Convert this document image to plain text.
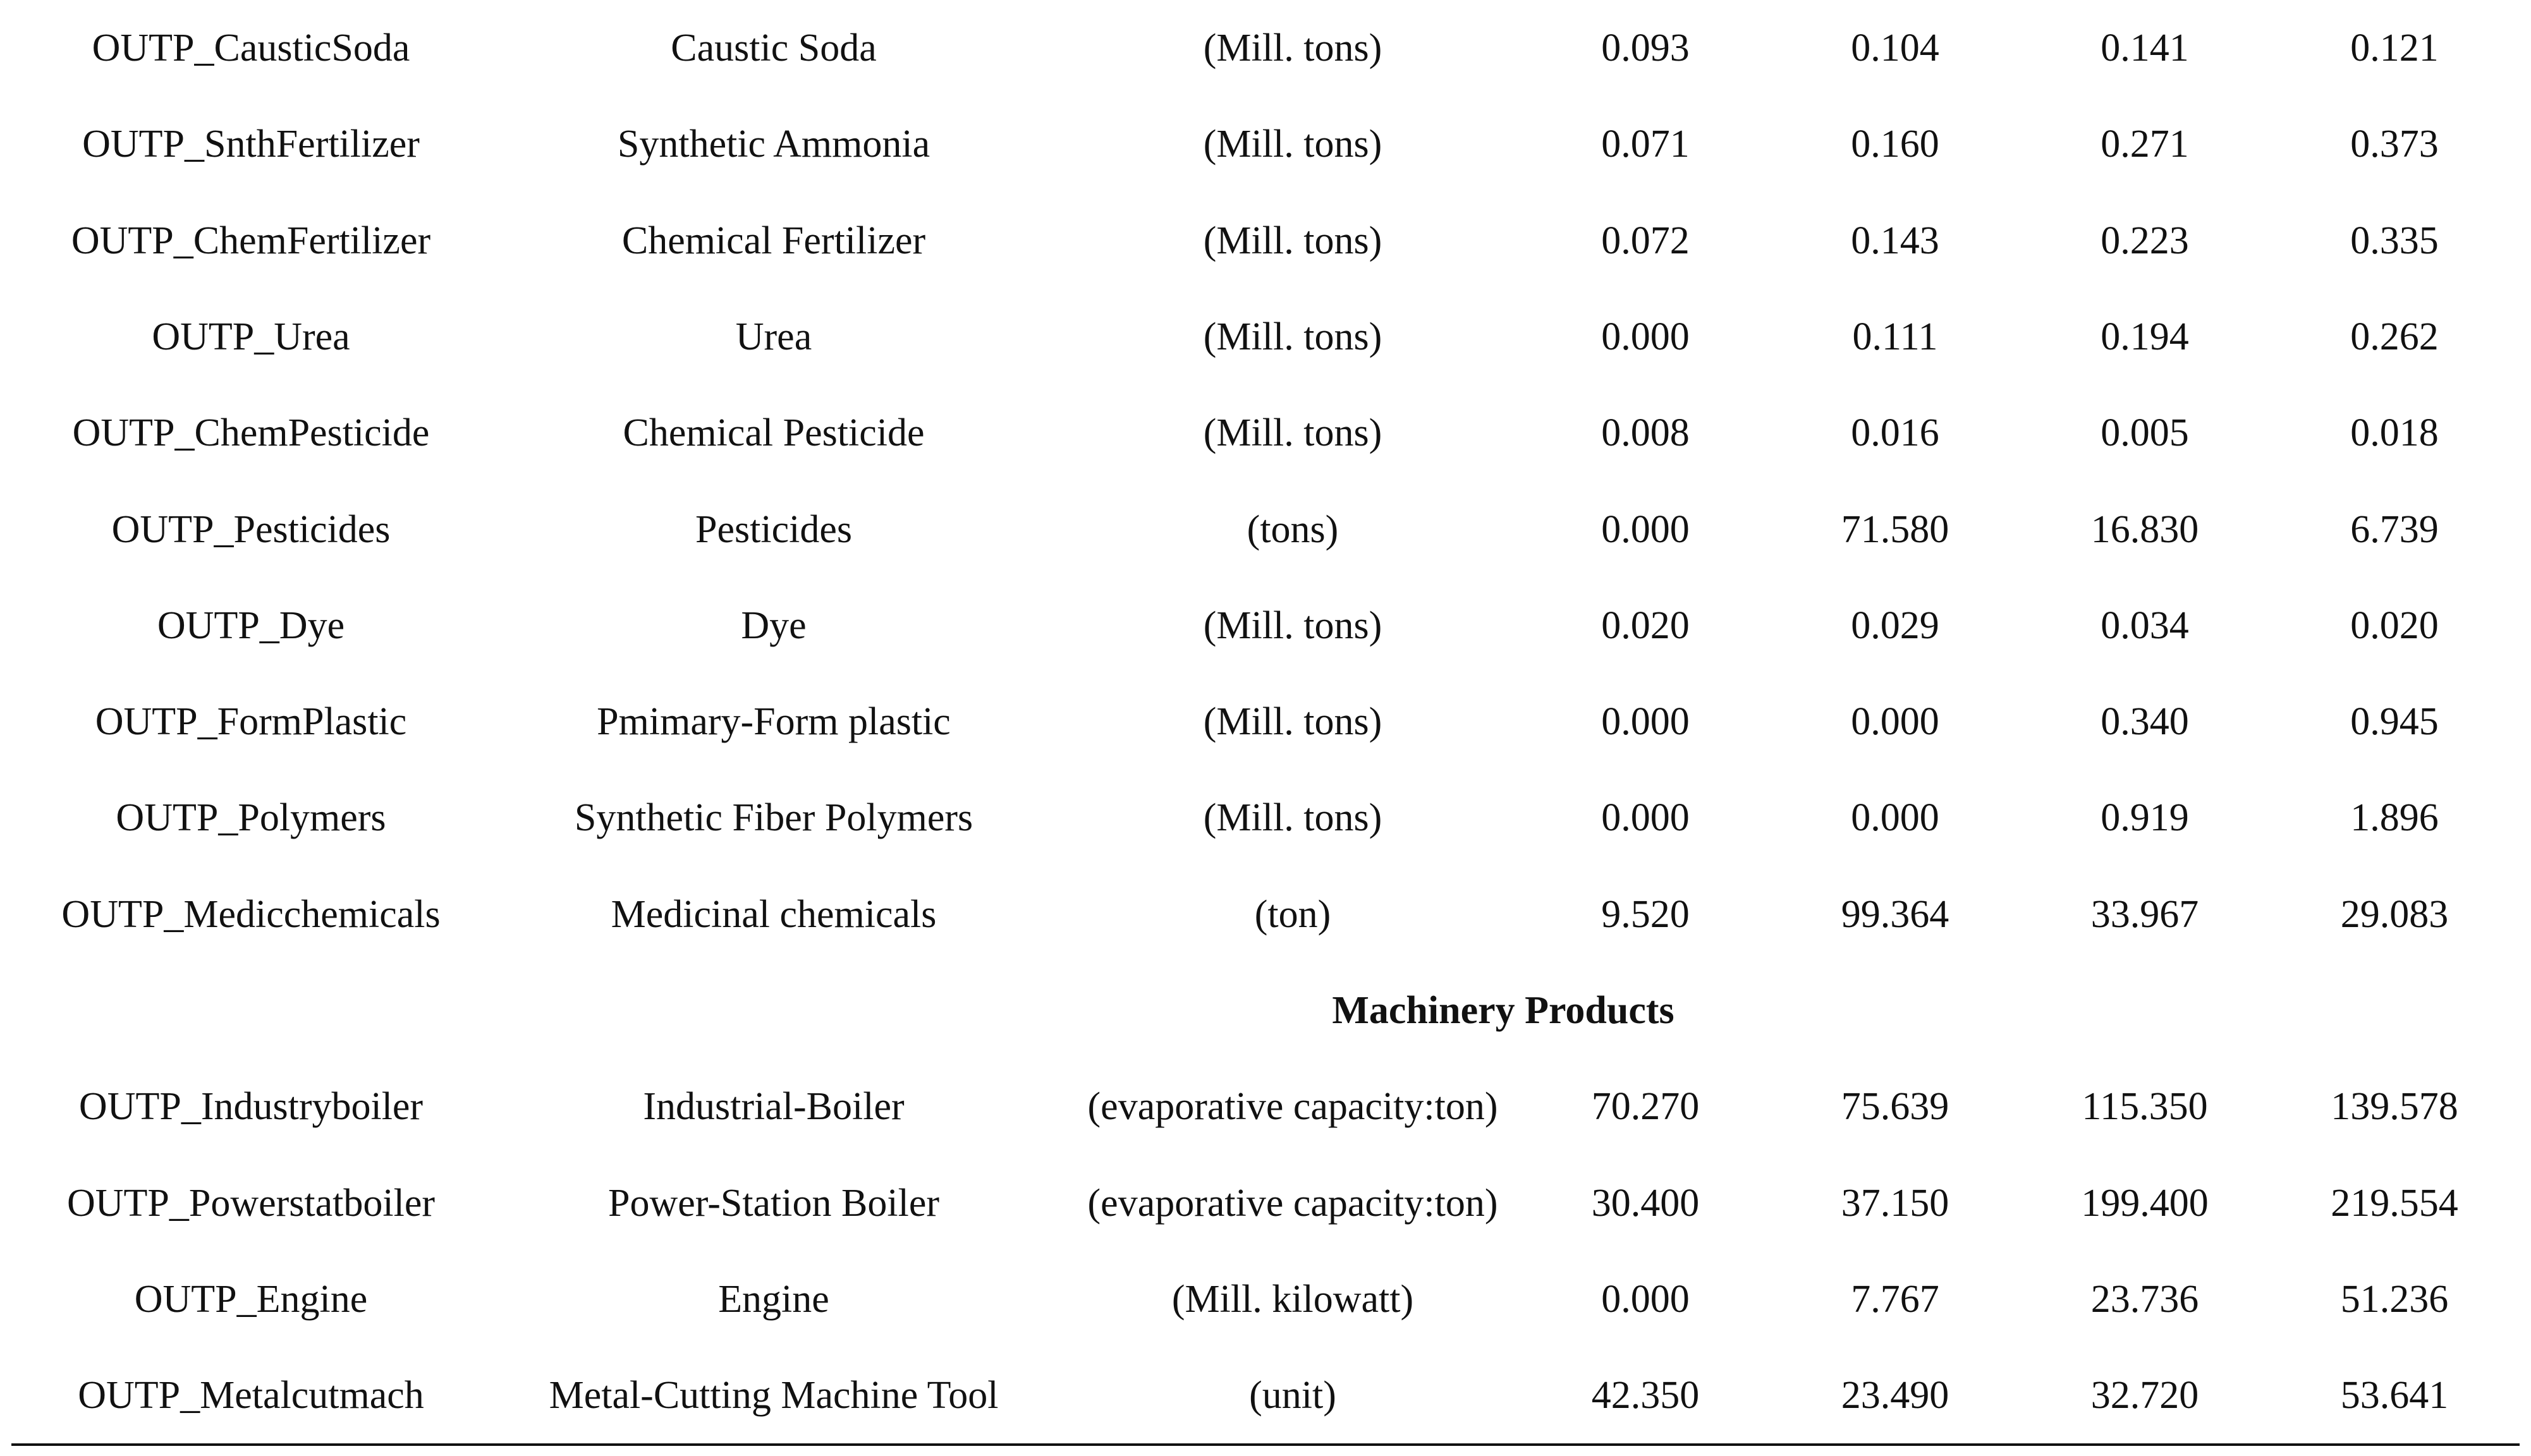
OUTP_CausticSoda	Caustic Soda	(Mill. tons)	0.093	0.104	0.141	0.121
OUTP_SnthFertilizer	Synthetic Ammonia	(Mill. tons)	0.071	0.160	0.271	0.373
OUTP_ChemFertilizer	Chemical Fertilizer	(Mill. tons)	0.072	0.143	0.223	0.335
OUTP_Urea	Urea	(Mill. tons)	0.000	0.111	0.194	0.262
OUTP_ChemPesticide	Chemical Pesticide	(Mill. tons)	0.008	0.016	0.005	0.018
OUTP_Pesticides	Pesticides	(tons)	0.000	71.580	16.830	6.739
OUTP_Dye	Dye	(Mill. tons)	0.020	0.029	0.034	0.020
OUTP_FormPlastic	Pmimary-Form plastic	(Mill. tons)	0.000	0.000	0.340	0.945
OUTP_Polymers	Synthetic Fiber Polymers	(Mill. tons)	0.000	0.000	0.919	1.896
OUTP_Medicchemicals	Medicinal chemicals	(ton)	9.520	99.364	33.967	29.083
Machinery Products
OUTP_Industryboiler	Industrial-Boiler	(evaporative capacity:ton) 70.270	75.639	115.350	139.578
OUTP_Powerstatboiler	Power-Station Boiler	(evaporative capacity:ton) 30.400	37.150	199.400	219.554
OUTP_Engine	Engine	(Mill. kilowatt)	0.000	7.767	23.736	51.236
OUTP_Metalcutmach	Metal-Cutting Machine Tool	(unit)	42.350	23.490	32.720	53.641
